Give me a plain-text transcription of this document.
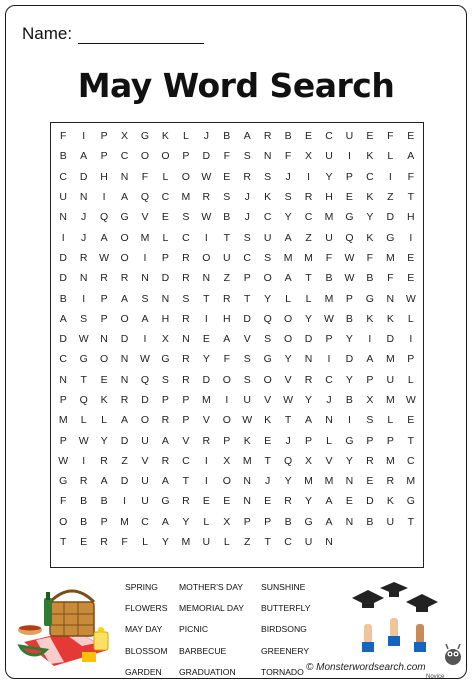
Name:
May Word Search
F	I	P	X	G	K	L	J	B	A	R	B	E	C	U	E	F	E
B	A	P	C	O	O	P	D	F	S	N	F	X	U	I	K	L	A
C	D	H	N	F	L	O	W	E	R	S	J	I	Y	P	C	I	F
U	N	I	A	Q	C	M	R	S	J	K	S	R	H	E	K	Z	T
N	J	Q	G	V	E	S	W	B	J	C	Y	C	M	G	Y	D	H
I	J	A	O	M	L	C	I	T	S	U	A	Z	U	Q	K	G	I
D	R	W	O	I	P	R	O	U	C	S	M	M	F	W	F	M	E
D	N	R	R	N	D	R	N	Z	P	O	A	T	B	W	B	F	E
B	I	P	A	S	N	S	T	R	T	Y	L	L	M	P	G	N	W
A	S	P	O	A	H	R	I	H	D	Q	O	Y	W	B	K	K	L
D	W	N	D	I	X	N	E	A	V	S	O	D	P	Y	I	D	I
C	G	O	N	W	G	R	Y	F	S	G	Y	N	I	D	A	M	P
N	T	E	N	Q	S	R	D	O	S	O	V	R	C	Y	P	U	L
P	Q	K	R	D	P	P	M	I	U	V	W	Y	J	B	X	M	W
M	L	L	A	O	R	P	V	O	W	K	T	A	N	I	S	L	E
P	W	Y	D	U	A	V	R	P	K	E	J	P	L	G	P	P	T
W	I	R	Z	V	R	C	I	X	M	T	Q	X	V	Y	R	M	C
G	R	A	D	U	A	T	I	O	N	J	Y	M	M	N	E	R	M
F	B	B	I	U	G	R	E	E	N	E	R	Y	A	E	D	K	G
O	B	P	M	C	A	Y	L	X	P	P	B	G	A	N	B	U	T
T	E	R	F	L	Y	M	U	L	Z	T	C	U	N
SPRING	MOTHER'S DAY	SUNSHINE
FLOWERS	MEMORIAL DAY	BUTTERFLY
MAY DAY	PICNIC	BIRDSONG
BLOSSOM	BARBECUE	GREENERY
GARDEN	GRADUATION	TORNADO © Monsterwordsearch.com
Novice
